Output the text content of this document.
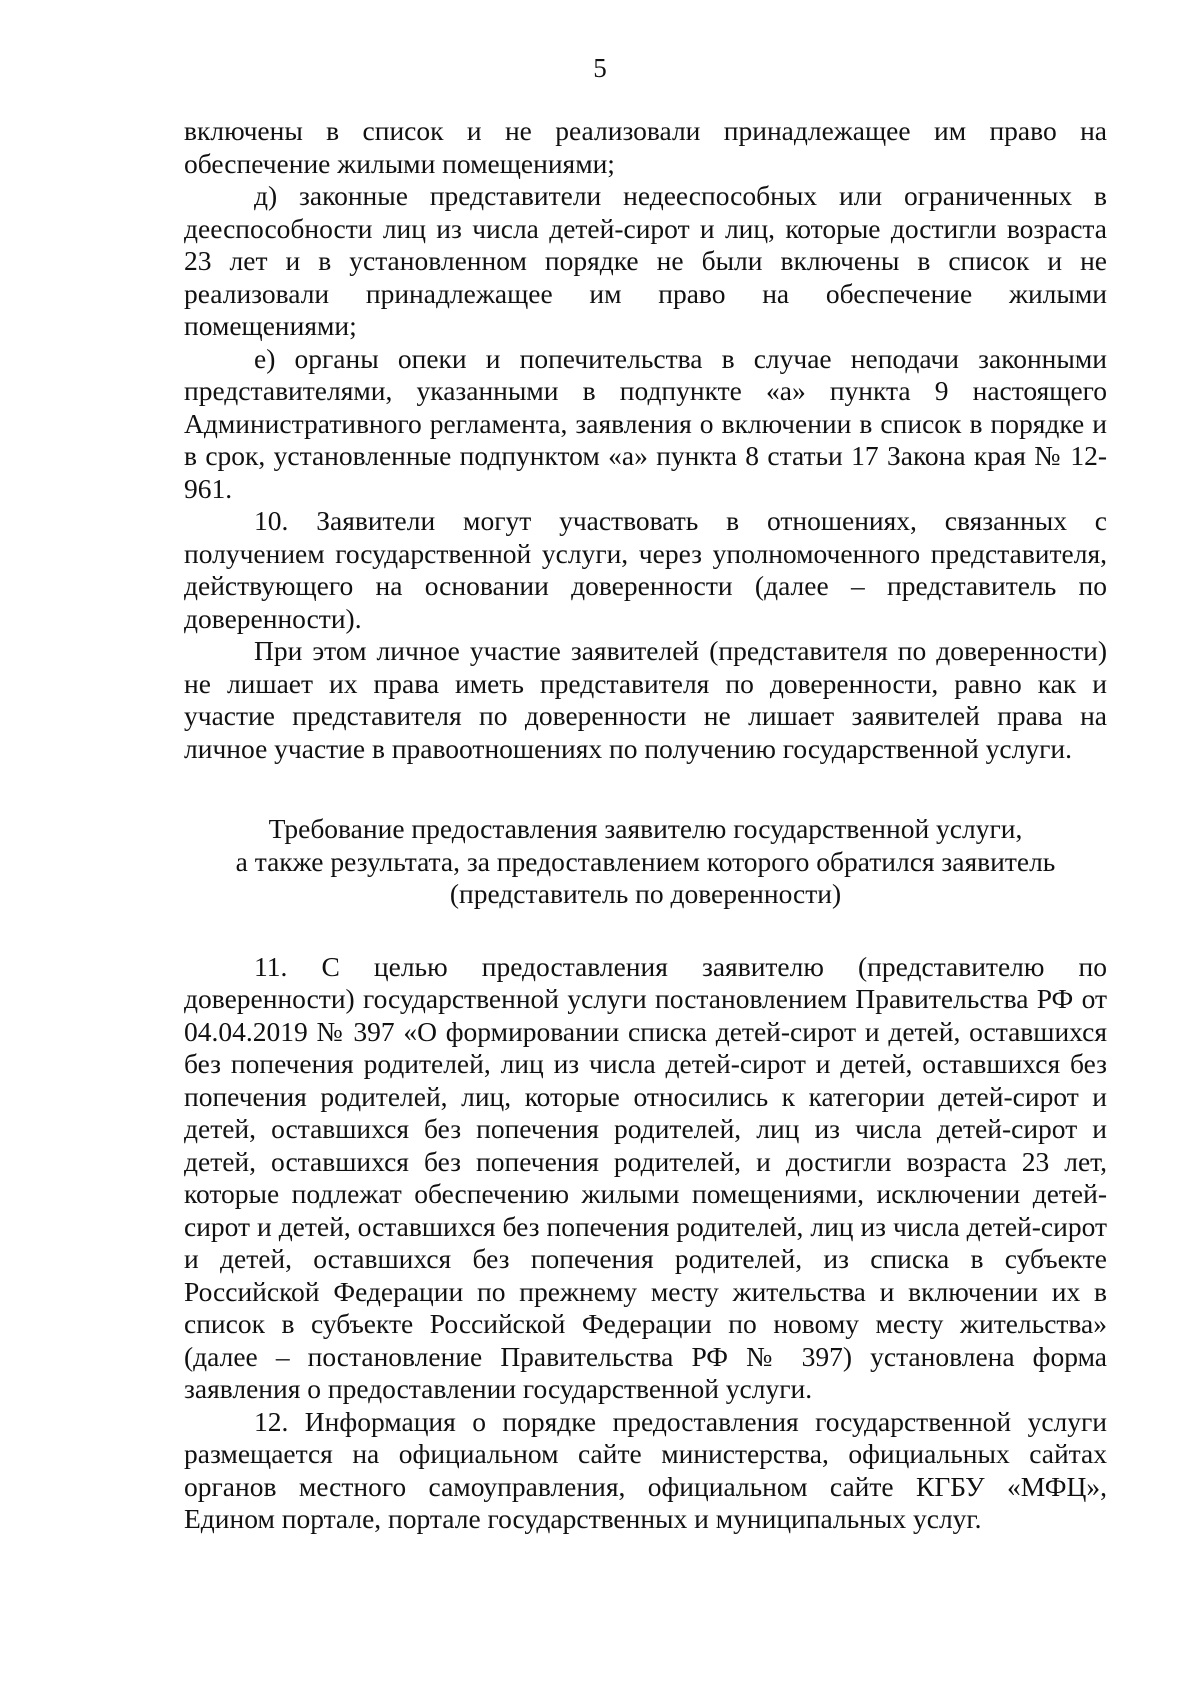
5

включены в список и не реализовали принадлежащее им право на обеспечение жилыми помещениями;

д) законные представители недееспособных или ограниченных в дееспособности лиц из числа детей-сирот и лиц, которые достигли возраста 23 лет и в установленном порядке не были включены в список и не реализовали принадлежащее им право на обеспечение жилыми помещениями;

е) органы опеки и попечительства в случае неподачи законными представителями, указанными в подпункте «а» пункта 9 настоящего Административного регламента, заявления о включении в список в порядке и в срок, установленные подпунктом «а» пункта 8 статьи 17 Закона края № 12-961.

10. Заявители могут участвовать в отношениях, связанных с получением государственной услуги, через уполномоченного представителя, действующего на основании доверенности (далее – представитель по доверенности).

При этом личное участие заявителей (представителя по доверенности) не лишает их права иметь представителя по доверенности, равно как и участие представителя по доверенности не лишает заявителей права на личное участие в правоотношениях по получению государственной услуги.

Требование предоставления заявителю государственной услуги,
а также результата, за предоставлением которого обратился заявитель
(представитель по доверенности)

11. С целью предоставления заявителю (представителю по доверенности) государственной услуги постановлением Правительства РФ от 04.04.2019 № 397 «О формировании списка детей-сирот и детей, оставшихся без попечения родителей, лиц из числа детей-сирот и детей, оставшихся без попечения родителей, лиц, которые относились к категории детей-сирот и детей, оставшихся без попечения родителей, лиц из числа детей-сирот и детей, оставшихся без попечения родителей, и достигли возраста 23 лет, которые подлежат обеспечению жилыми помещениями, исключении детей-сирот и детей, оставшихся без попечения родителей, лиц из числа детей-сирот и детей, оставшихся без попечения родителей, из списка в субъекте Российской Федерации по прежнему месту жительства и включении их в список в субъекте Российской Федерации по новому месту жительства» (далее – постановление Правительства РФ № 397) установлена форма заявления о предоставлении государственной услуги.

12. Информация о порядке предоставления государственной услуги размещается на официальном сайте министерства, официальных сайтах органов местного самоуправления, официальном сайте КГБУ «МФЦ», Едином портале, портале государственных и муниципальных услуг.
